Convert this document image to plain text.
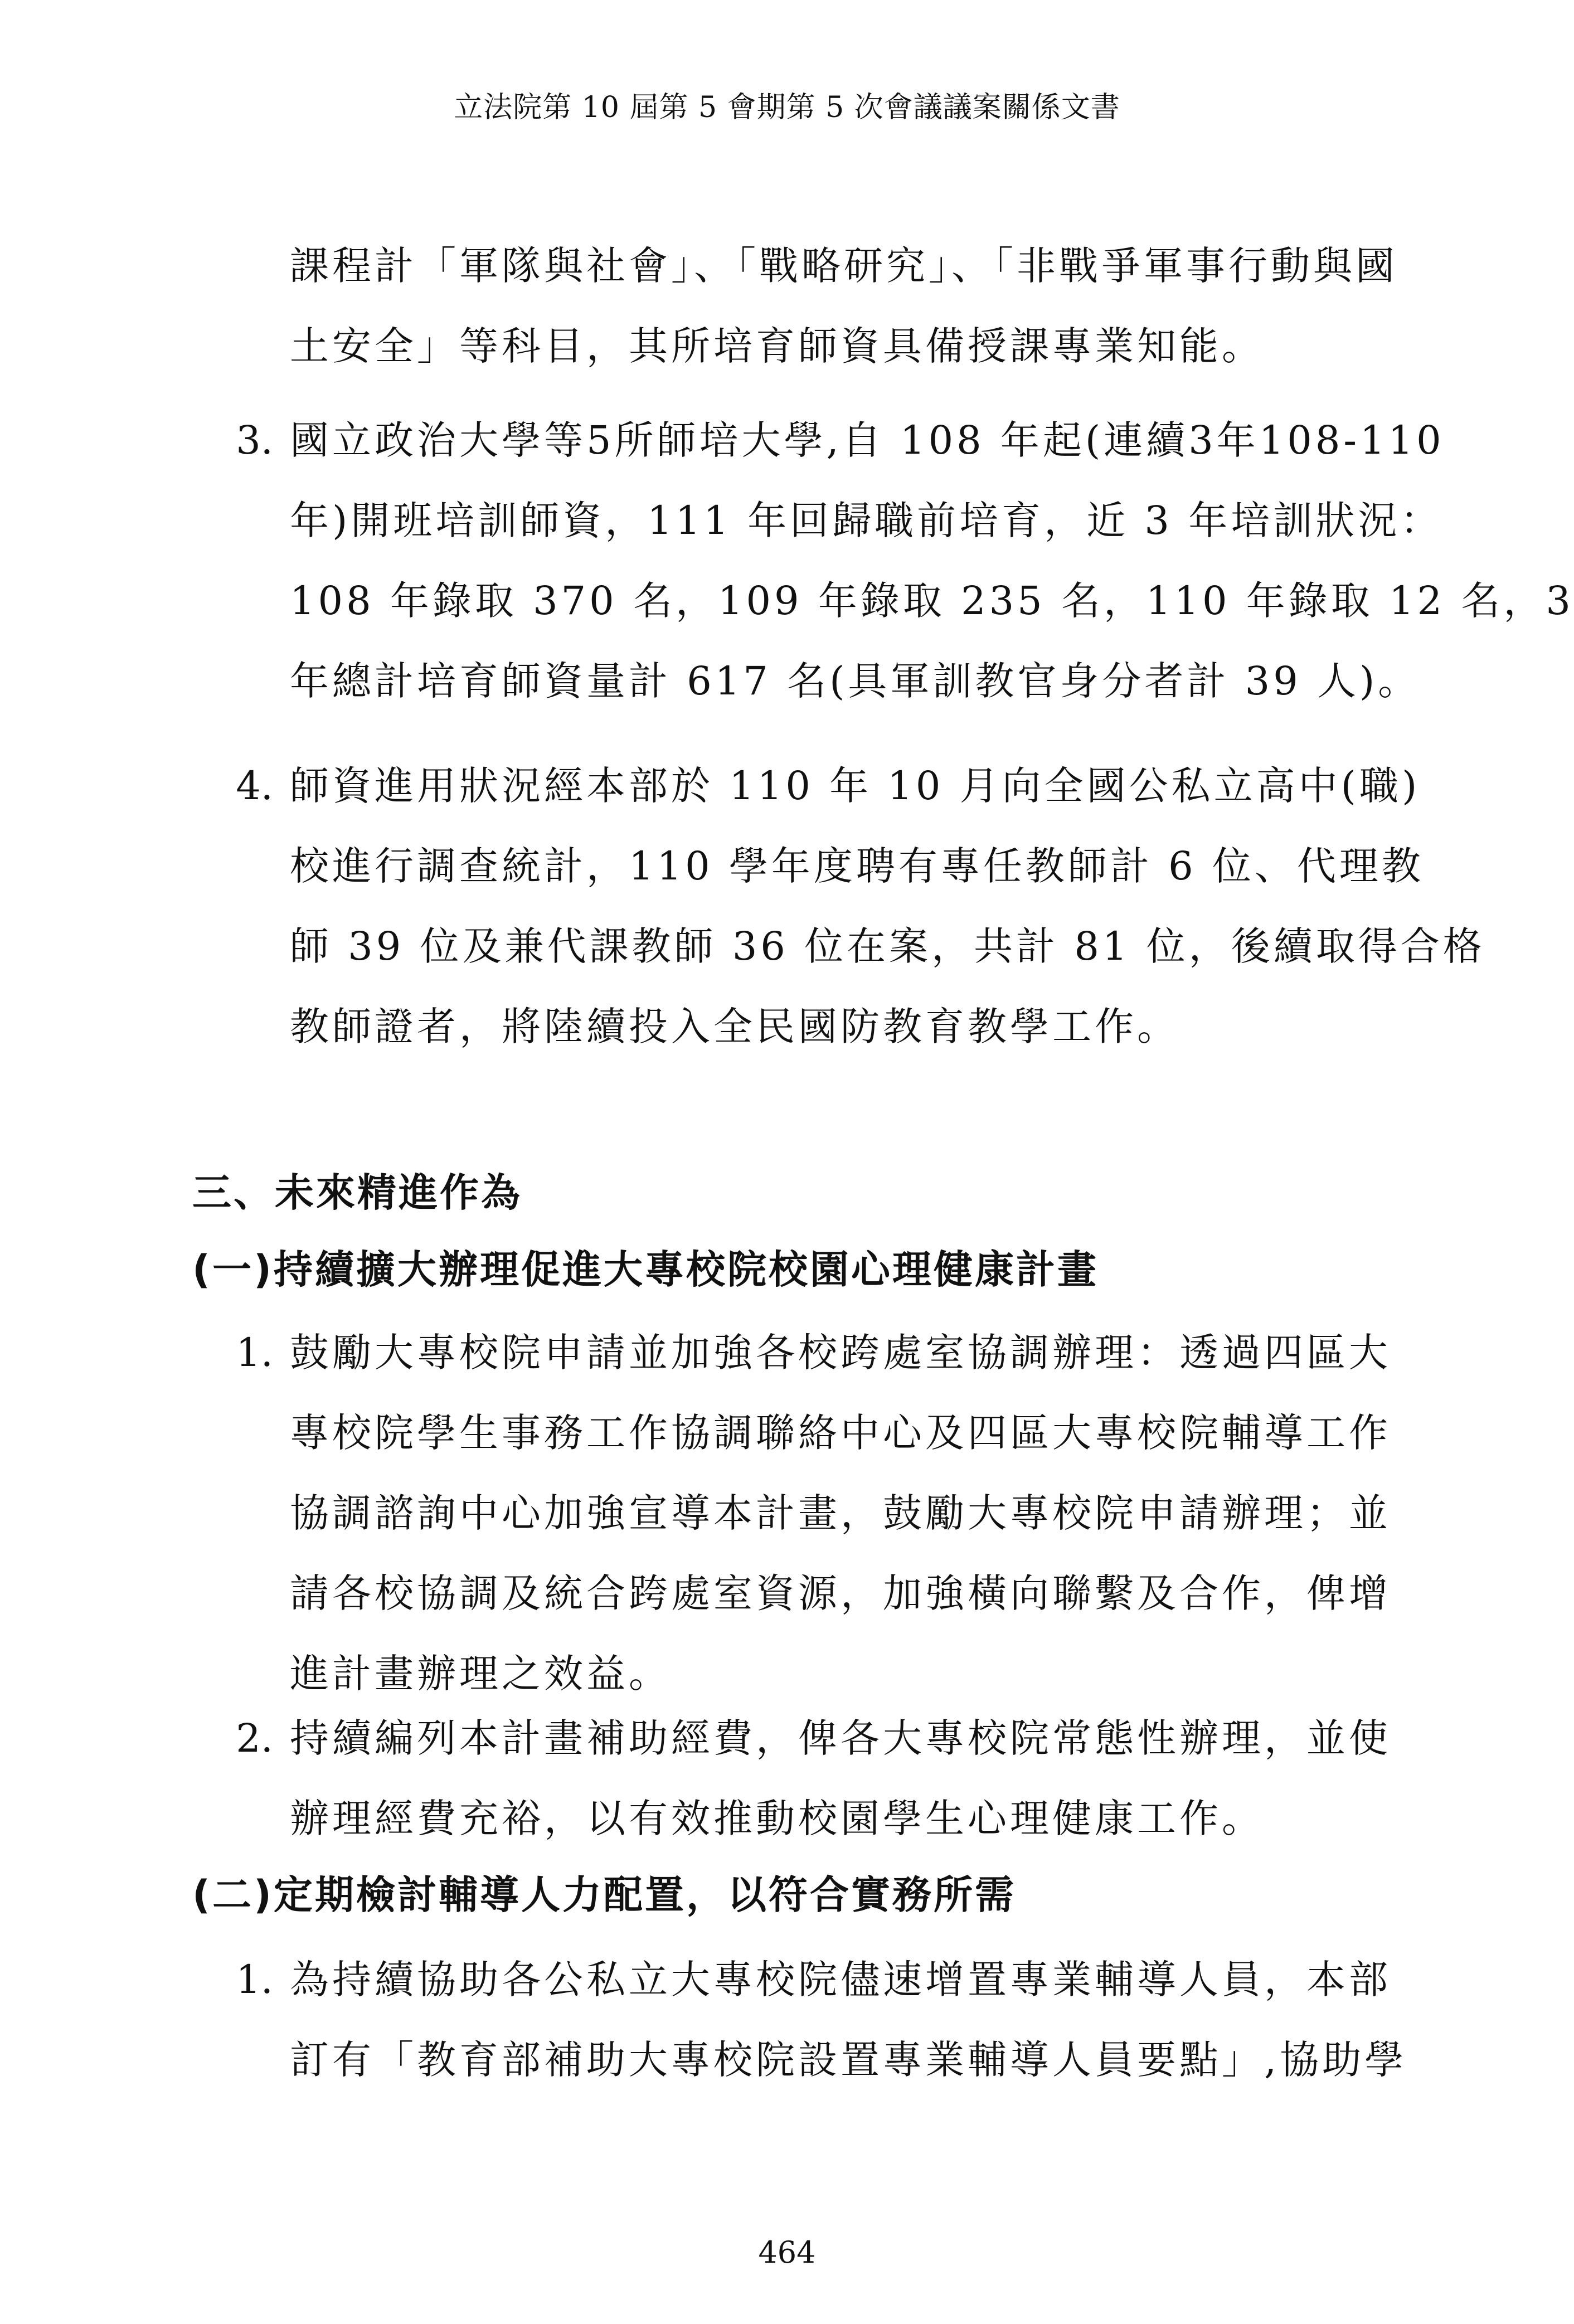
立法院第 10 屆第 5 會期第 5 次會議議案關係文書
課程計「軍隊與社會」、「戰略研究」、「非戰爭軍事行動與國
土安全」等科目，其所培育師資具備授課專業知能。
3. 國立政治大學等5所師培大學,自 108 年起(連續3年108-110
年)開班培訓師資，111 年回歸職前培育，近 3 年培訓狀況：
108 年錄取 370 名，109 年錄取 235 名，110 年錄取 12 名，3
年總計培育師資量計 617 名(具軍訓教官身分者計 39 人)。
4. 師資進用狀況經本部於 110 年 10 月向全國公私立高中(職)
校進行調查統計，110 學年度聘有專任教師計 6 位、代理教
師 39 位及兼代課教師 36 位在案，共計 81 位，後續取得合格
教師證者，將陸續投入全民國防教育教學工作。
三、未來精進作為
(一)持續擴大辦理促進大專校院校園心理健康計畫
1. 鼓勵大專校院申請並加強各校跨處室協調辦理：透過四區大
專校院學生事務工作協調聯絡中心及四區大專校院輔導工作
協調諮詢中心加強宣導本計畫，鼓勵大專校院申請辦理；並
請各校協調及統合跨處室資源，加強橫向聯繫及合作，俾增
進計畫辦理之效益。
2. 持續編列本計畫補助經費，俾各大專校院常態性辦理，並使
辦理經費充裕，以有效推動校園學生心理健康工作。
(二)定期檢討輔導人力配置，以符合實務所需
1. 為持續協助各公私立大專校院儘速增置專業輔導人員，本部
訂有「教育部補助大專校院設置專業輔導人員要點」,協助學
464
